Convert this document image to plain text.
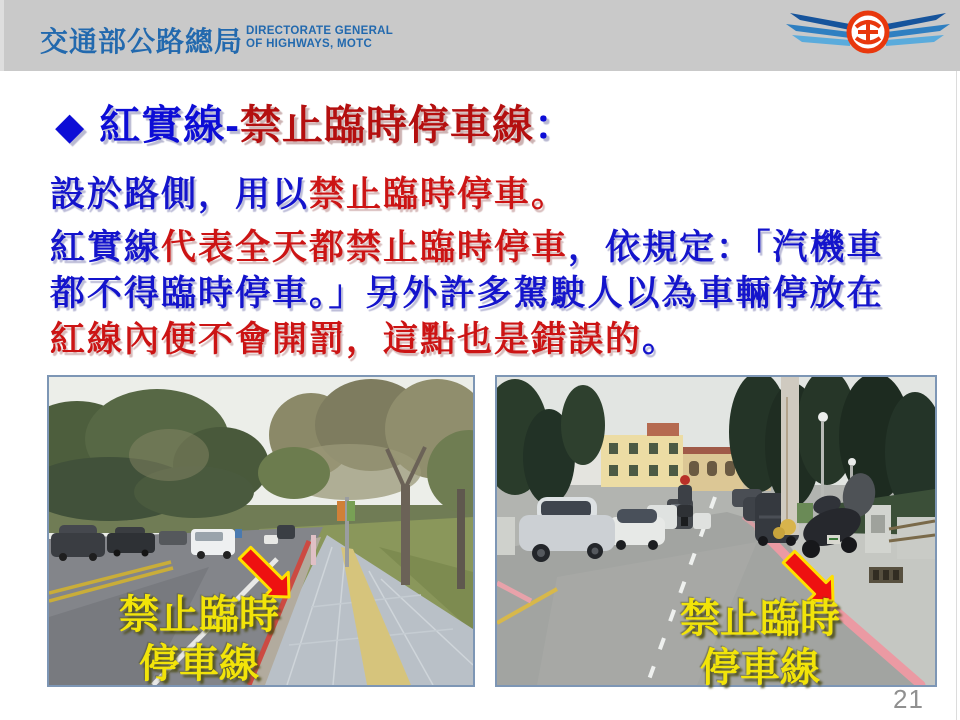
交通部公路總局 DIRECTORATE GENERAL
OF HIGHWAYS, MOTC
◆ 紅實線-禁止臨時停車線：
設於路側，用以禁止臨時停車。
紅實線代表全天都禁止臨時停車，依規定：「汽機車
都不得臨時停車。」另外許多駕駛人以為車輛停放在
紅線內便不會開罰，這點也是錯誤的。
禁止臨時
停車線
禁止臨時
停車線
21
